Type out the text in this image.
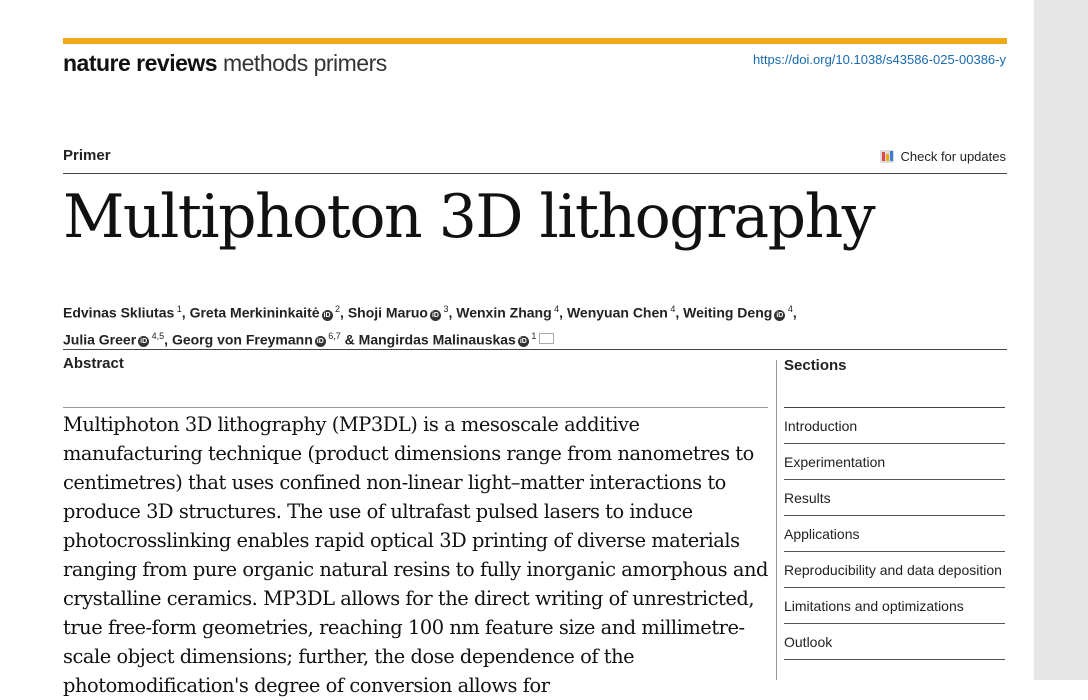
nature reviews methods primers	https://doi.org/10.1038/s43586-025-00386-y
Primer	Check for updates
Multiphoton 3D lithography
Edvinas Skliutas $^1$, Greta Merkininkaitė iD $^2$, Shoji Maruo iD $^3$, Wenxin Zhang $^4$, Wenyuan Chen $^4$, Weiting Deng iD $^4$,
Julia Greer iD $^{4,5}$, Georg von Freymann iD $^{6,7}$ & Mangirdas Malinauskas iD $^1$
Abstract
Multiphoton 3D lithography (MP3DL) is a mesoscale additive manufacturing technique (product dimensions range from nanometres to centimetres) that uses confined non-linear light–matter interactions to produce 3D structures. The use of ultrafast pulsed lasers to induce photocrosslinking enables rapid optical 3D printing of diverse materials ranging from pure organic natural resins to fully inorganic amorphous and crystalline ceramics. MP3DL allows for the direct writing of unrestricted, true free-form geometries, reaching 100 nm feature size and millimetre-scale object dimensions; further, the dose dependence of the photomodification's degree of conversion allows for
Sections
Introduction
Experimentation
Results
Applications
Reproducibility and data deposition
Limitations and optimizations
Outlook
